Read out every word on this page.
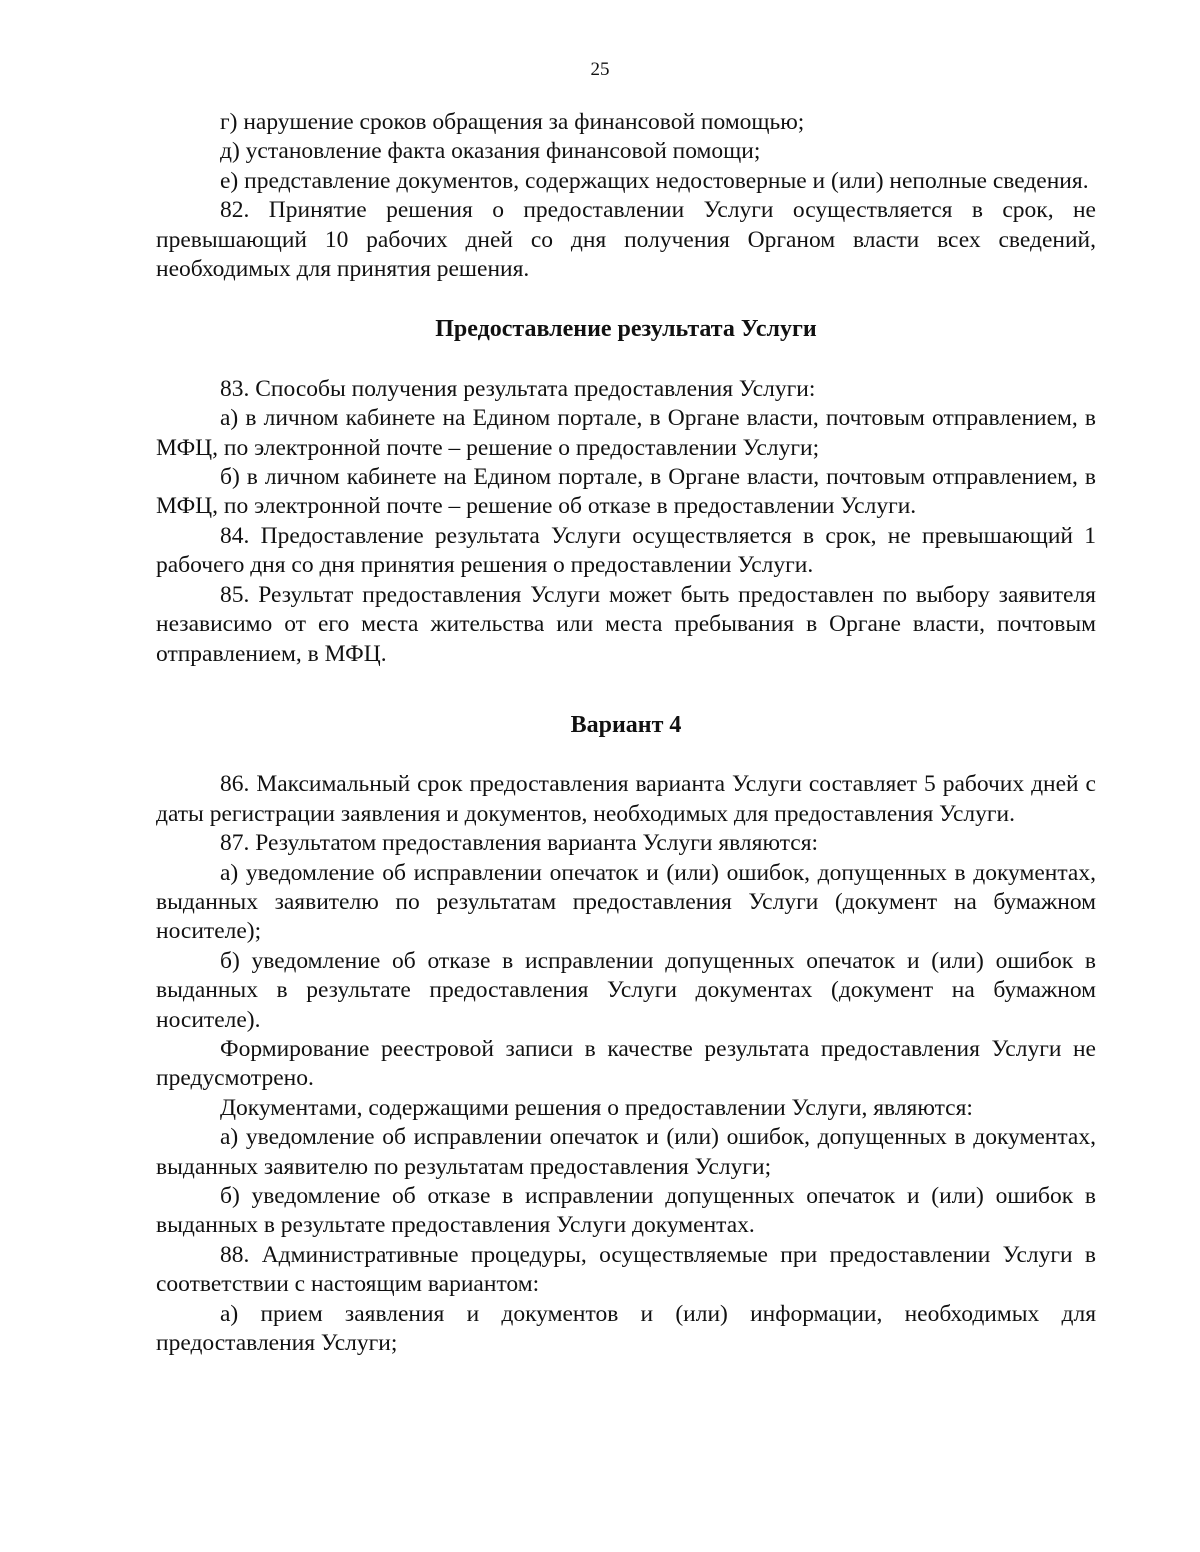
25

г) нарушение сроков обращения за финансовой помощью;

д) установление факта оказания финансовой помощи;

е) представление документов, содержащих недостоверные и (или) неполные сведения.

82. Принятие решения о предоставлении Услуги осуществляется в срок, не превышающий 10 рабочих дней со дня получения Органом власти всех сведений, необходимых для принятия решения.

Предоставление результата Услуги

83. Способы получения результата предоставления Услуги:

а) в личном кабинете на Едином портале, в Органе власти, почтовым отправлением, в МФЦ, по электронной почте – решение о предоставлении Услуги;

б) в личном кабинете на Едином портале, в Органе власти, почтовым отправлением, в МФЦ, по электронной почте – решение об отказе в предоставлении Услуги.

84. Предоставление результата Услуги осуществляется в срок, не превышающий 1 рабочего дня со дня принятия решения о предоставлении Услуги.

85. Результат предоставления Услуги может быть предоставлен по выбору заявителя независимо от его места жительства или места пребывания в Органе власти, почтовым отправлением, в МФЦ.

Вариант 4

86. Максимальный срок предоставления варианта Услуги составляет 5 рабочих дней с даты регистрации заявления и документов, необходимых для предоставления Услуги.

87. Результатом предоставления варианта Услуги являются:

а) уведомление об исправлении опечаток и (или) ошибок, допущенных в документах, выданных заявителю по результатам предоставления Услуги (документ на бумажном носителе);

б) уведомление об отказе в исправлении допущенных опечаток и (или) ошибок в выданных в результате предоставления Услуги документах (документ на бумажном носителе).

Формирование реестровой записи в качестве результата предоставления Услуги не предусмотрено.

Документами, содержащими решения о предоставлении Услуги, являются:

а) уведомление об исправлении опечаток и (или) ошибок, допущенных в документах, выданных заявителю по результатам предоставления Услуги;

б) уведомление об отказе в исправлении допущенных опечаток и (или) ошибок в выданных в результате предоставления Услуги документах.

88. Административные процедуры, осуществляемые при предоставлении Услуги в соответствии с настоящим вариантом:

а) прием заявления и документов и (или) информации, необходимых для предоставления Услуги;
